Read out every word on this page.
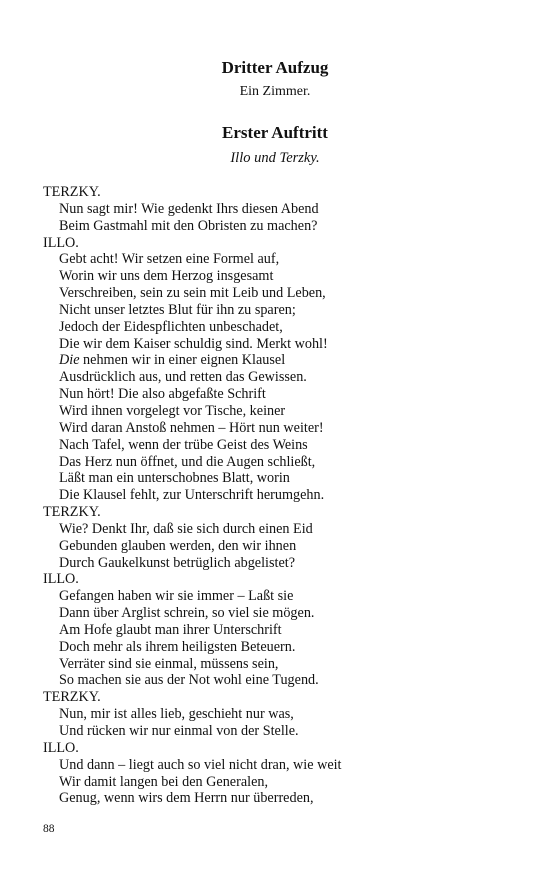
Dritter Aufzug
Ein Zimmer.
Erster Auftritt
Illo und Terzky.
TERZKY.
Nun sagt mir! Wie gedenkt Ihrs diesen Abend
Beim Gastmahl mit den Obristen zu machen?
ILLO.
Gebt acht! Wir setzen eine Formel auf,
Worin wir uns dem Herzog insgesamt
Verschreiben, sein zu sein mit Leib und Leben,
Nicht unser letztes Blut für ihn zu sparen;
Jedoch der Eidespflichten unbeschadet,
Die wir dem Kaiser schuldig sind. Merkt wohl!
Die nehmen wir in einer eignen Klausel
Ausdrücklich aus, und retten das Gewissen.
Nun hört! Die also abgefaßte Schrift
Wird ihnen vorgelegt vor Tische, keiner
Wird daran Anstoß nehmen – Hört nun weiter!
Nach Tafel, wenn der trübe Geist des Weins
Das Herz nun öffnet, und die Augen schließt,
Läßt man ein unterschobnes Blatt, worin
Die Klausel fehlt, zur Unterschrift herumgehn.
TERZKY.
Wie? Denkt Ihr, daß sie sich durch einen Eid
Gebunden glauben werden, den wir ihnen
Durch Gaukelkunst betrüglich abgelistet?
ILLO.
Gefangen haben wir sie immer – Laßt sie
Dann über Arglist schrein, so viel sie mögen.
Am Hofe glaubt man ihrer Unterschrift
Doch mehr als ihrem heiligsten Beteuern.
Verräter sind sie einmal, müssens sein,
So machen sie aus der Not wohl eine Tugend.
TERZKY.
Nun, mir ist alles lieb, geschieht nur was,
Und rücken wir nur einmal von der Stelle.
ILLO.
Und dann – liegt auch so viel nicht dran, wie weit
Wir damit langen bei den Generalen,
Genug, wenn wirs dem Herrn nur überreden,
88
